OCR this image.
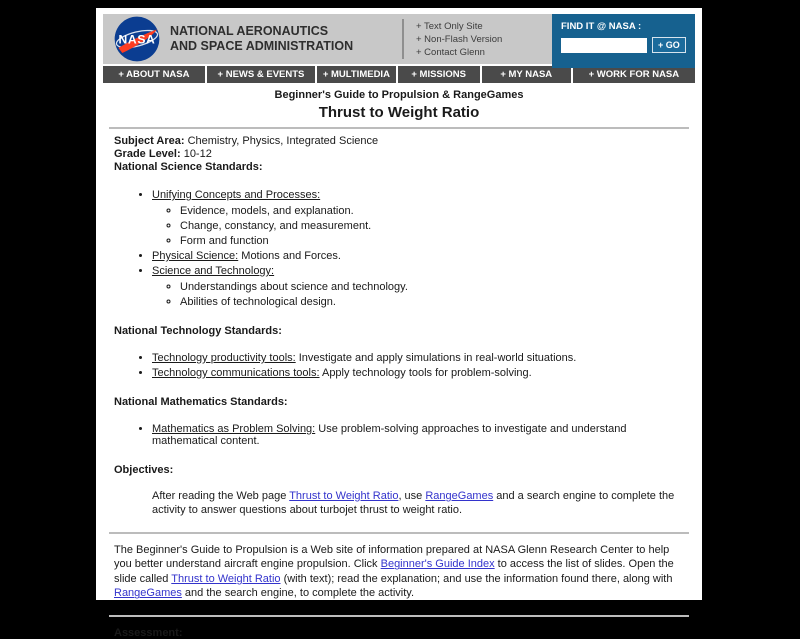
NASA
NATIONAL AERONAUTICS
AND SPACE ADMINISTRATION
+ Text Only Site
+ Non-Flash Version
+ Contact Glenn
FIND IT @ NASA :
+ GO
+ ABOUT NASA	+ NEWS & EVENTS	+ MULTIMEDIA	+ MISSIONS	+ MY NASA	+ WORK FOR NASA
Beginner's Guide to Propulsion & RangeGames
Thrust to Weight Ratio
Subject Area: Chemistry, Physics, Integrated Science
Grade Level: 10-12
National Science Standards:
• Unifying Concepts and Processes:
◦ Evidence, models, and explanation.
◦ Change, constancy, and measurement.
◦ Form and function
• Physical Science: Motions and Forces.
• Science and Technology:
◦ Understandings about science and technology.
◦ Abilities of technological design.
National Technology Standards:
• Technology productivity tools: Investigate and apply simulations in real-world situations.
• Technology communications tools: Apply technology tools for problem-solving.
National Mathematics Standards:
• Mathematics as Problem Solving: Use problem-solving approaches to investigate and understand mathematical content.
Objectives:

After reading the Web page Thrust to Weight Ratio, use RangeGames and a search engine to complete the activity to answer questions about turbojet thrust to weight ratio.

The Beginner's Guide to Propulsion is a Web site of information prepared at NASA Glenn Research Center to help you better understand aircraft engine propulsion. Click Beginner's Guide Index to access the list of slides. Open the slide called Thrust to Weight Ratio (with text); read the explanation; and use the information found there, along with RangeGames and the search engine, to complete the activity.

Assessment:
